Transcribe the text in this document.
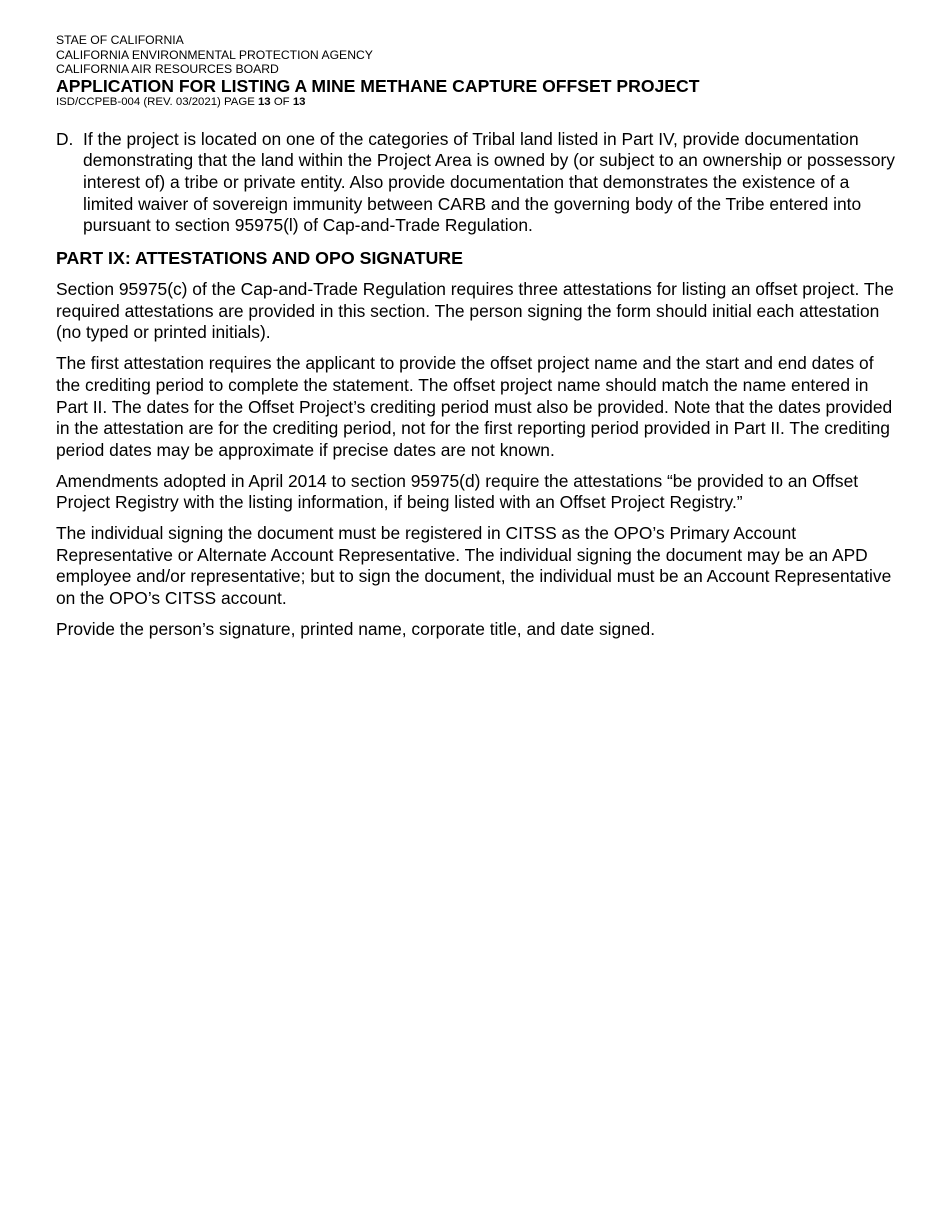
STAE OF CALIFORNIA

CALIFORNIA ENVIRONMENTAL PROTECTION AGENCY

CALIFORNIA AIR RESOURCES BOARD

APPLICATION FOR LISTING A MINE METHANE CAPTURE OFFSET PROJECT

ISD/CCPEB-004 (REV. 03/2021) PAGE 13 OF 13

D. If the project is located on one of the categories of Tribal land listed in Part IV, provide documentation demonstrating that the land within the Project Area is owned by (or subject to an ownership or possessory interest of) a tribe or private entity. Also provide documentation that demonstrates the existence of a limited waiver of sovereign immunity between CARB and the governing body of the Tribe entered into pursuant to section 95975(l) of Cap-and-Trade Regulation.
PART IX: ATTESTATIONS AND OPO SIGNATURE

Section 95975(c) of the Cap-and-Trade Regulation requires three attestations for listing an offset project. The required attestations are provided in this section. The person signing the form should initial each attestation (no typed or printed initials).

The first attestation requires the applicant to provide the offset project name and the start and end dates of the crediting period to complete the statement. The offset project name should match the name entered in Part II. The dates for the Offset Project’s crediting period must also be provided. Note that the dates provided in the attestation are for the crediting period, not for the first reporting period provided in Part II. The crediting period dates may be approximate if precise dates are not known.

Amendments adopted in April 2014 to section 95975(d) require the attestations “be provided to an Offset Project Registry with the listing information, if being listed with an Offset Project Registry.”

The individual signing the document must be registered in CITSS as the OPO’s Primary Account Representative or Alternate Account Representative. The individual signing the document may be an APD employee and/or representative; but to sign the document, the individual must be an Account Representative on the OPO’s CITSS account.

Provide the person’s signature, printed name, corporate title, and date signed.
